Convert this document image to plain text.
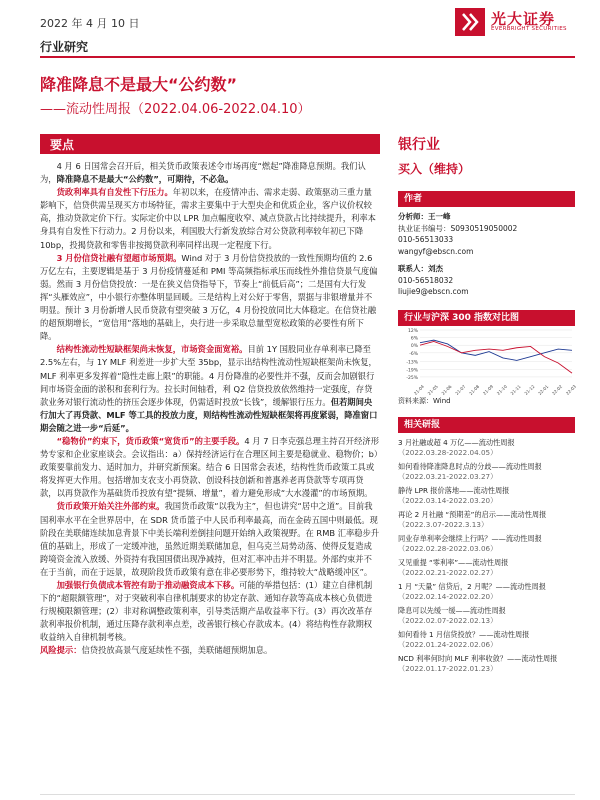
2022 年 4 月 10 日	光大证券
EVERBRIGHT SECURITIES
行业研究
降准降息不是最大“公约数”
——流动性周报（2022.04.06-2022.04.10）
要点

4 月 6 日国常会召开后，相关货币政策表述令市场再度“燃起”降准降息预期。我们认为，降准降息不是最大“公约数”，可期待，不必急。

货政利率具有自发性下行压力。年初以来，在疫情冲击、需求走弱、政策驱动三重力量影响下，信贷供需呈现买方市场特征，需求主要集中于大型央企和优质企业，客户议价权较高，推动贷款定价下行。实际定价中以 LPR 加点幅度收窄、减点贷款占比持续提升，利率本身具有自发性下行动力。2 月份以来，利国股大行新发放综合对公贷款利率较年初已下降 10bp，投揭贷款和零售非按揭贷款利率同样出现一定程度下行。

3 月份信贷社融有望超市场预期。Wind 对于 3 月份信贷投放的一致性预期均值约 2.6 万亿左右，主要逻辑是基于 3 月份疫情蔓延和 PMI 等高频指标承压而线性外推信贷景气度偏弱。然而 3 月份信贷投放：一是在狭义信贷指导下，节奏上“前低后高”；二是国有大行发挥“头雁效应”，中小银行亦整体明显回暖。三是结构上对公好于零售，票据与非银增量并不明显。预计 3 月份新增人民币贷款有望突破 3 万亿，4 月份投放同比大体稳定。在信贷社融的超预期增长，“宽信用”落地的基础上，央行进一步采取总量型宽松政策的必要性有所下降。

结构性流动性短缺框架尚未恢复，市场资金面宽裕。目前 1Y 国股同业存单利率已降至 2.5%左右，与 1Y MLF 利差进一步扩大至 35bp，显示出结构性流动性短缺框架尚未恢复，MLF 利率更多发挥着“隐性走廊上限”的职能。4 月份降准的必要性并不强，反而会加剧银行间市场资金面的淤积和套利行为。拉长时间轴看，利 Q2 信贷投放依然维持一定强度，存贷款业务对银行流动性的挤压会逐步体现，仍需适时投放“长钱”，缓解银行压力。但若期间央行加大了再贷款、MLF 等工具的投放力度，则结构性流动性短缺框架将再度紧弱，降准窗口期会随之进一步“后延”。

“稳物价”约束下，货币政策“宽货币”的主要手段。4 月 7 日李克强总理主持召开经济形势专家和企业家座谈会。会议指出：a）保持经济运行在合理区间主要是稳就业、稳物价；b）政策要靠前发力、适时加力，并研究新预案。结合 6 日国常会表述，结构性货币政策工具或将发挥更大作用。包括增加支农支小再贷款、创设科技创新和普惠养老再贷款等专项再贷款，以再贷款作为基础货币投放有望“提频、增量”，着力避免形成“大水漫灌”的市场预期。

货币政策开始关注外部约束。我国货币政策“以我为主”，但也讲究“居中之道”。目前我国利率水平在全世界居中，在 SDR 货币篮子中人民币利率最高，而在金砖五国中则最低。现阶段在美联储连续加息背景下中美长端利差倒挂问题开始纳入政策视野。在 RMB 汇率稳步升值的基础上，形成了一定缓冲池，虽然近期美联储加息，但乌克兰局势动荡、使得反复造成跨境资金流入放缓、外资持有我国国债出现净减持，但对汇率冲击并不明显。外部约束并不在于当前，而在于远景，故现阶段货币政策有意在非必要形势下，维持较大“战略缓冲区”。

加强银行负债成本管控有助于推动融资成本下移。可能的举措包括：(1）建立自律机制下的“超限额管理”，对于突破利率自律机制要求的协定存款、通知存款等高成本核心负债进行规模限额管理；(2）非对称调整政策利率，引导类活期产品收益率下行。(3）再次改革存款利率报价机制，通过压降存款利率点差，改善银行核心存款成本。(4）将结构性存款期权收益纳入自律机制考核。

风险提示：信贷投放高景气度延续性不强，美联储超预期加息。

银行业
买入（维持）
作者
分析师：王一峰
执业证书编号：S0930519050002
010-56513033
wangyf@ebscn.com
联系人：刘杰
010-56518032
liujie9@ebscn.com
行业与沪深 300 指数对比图
12%
6%
0%
-6%
-13%
-19%
-25%
21-04 21-05 21-06 21-07 21-08 21-09 21-10 21-11 21-12 22-01 22-02 22-03
资料来源：Wind
相关研报
3 月社融或超 4 万亿——流动性周报
（2022.03.28-2022.04.05）
如何看待降准降息时点的分歧——流动性周报
（2022.03.21-2022.03.27）
静待 LPR 报价落地——流动性周报
（2022.03.14-2022.03.20）
再论 2 月社融 “预期差”的启示——流动性周报
（2022.3.07-2022.3.13）
同业存单利率会继续上行吗？——流动性周报
（2022.02.28-2022.03.06）
又见重提 “零利率”——流动性周报
（2022.02.21-2022.02.27）
1 月 “天量” 信贷后，2 月呢？——流动性周报
（2022.02.14-2022.02.20）
降息可以先缓一缓——流动性周报
（2022.02.07-2022.02.13）
如何看待 1 月信贷投放？——流动性周报
（2022.01.24-2022.02.06）
NCD 利率何时向 MLF 利率收敛？——流动性周报
（2022.01.17-2022.01.23）
